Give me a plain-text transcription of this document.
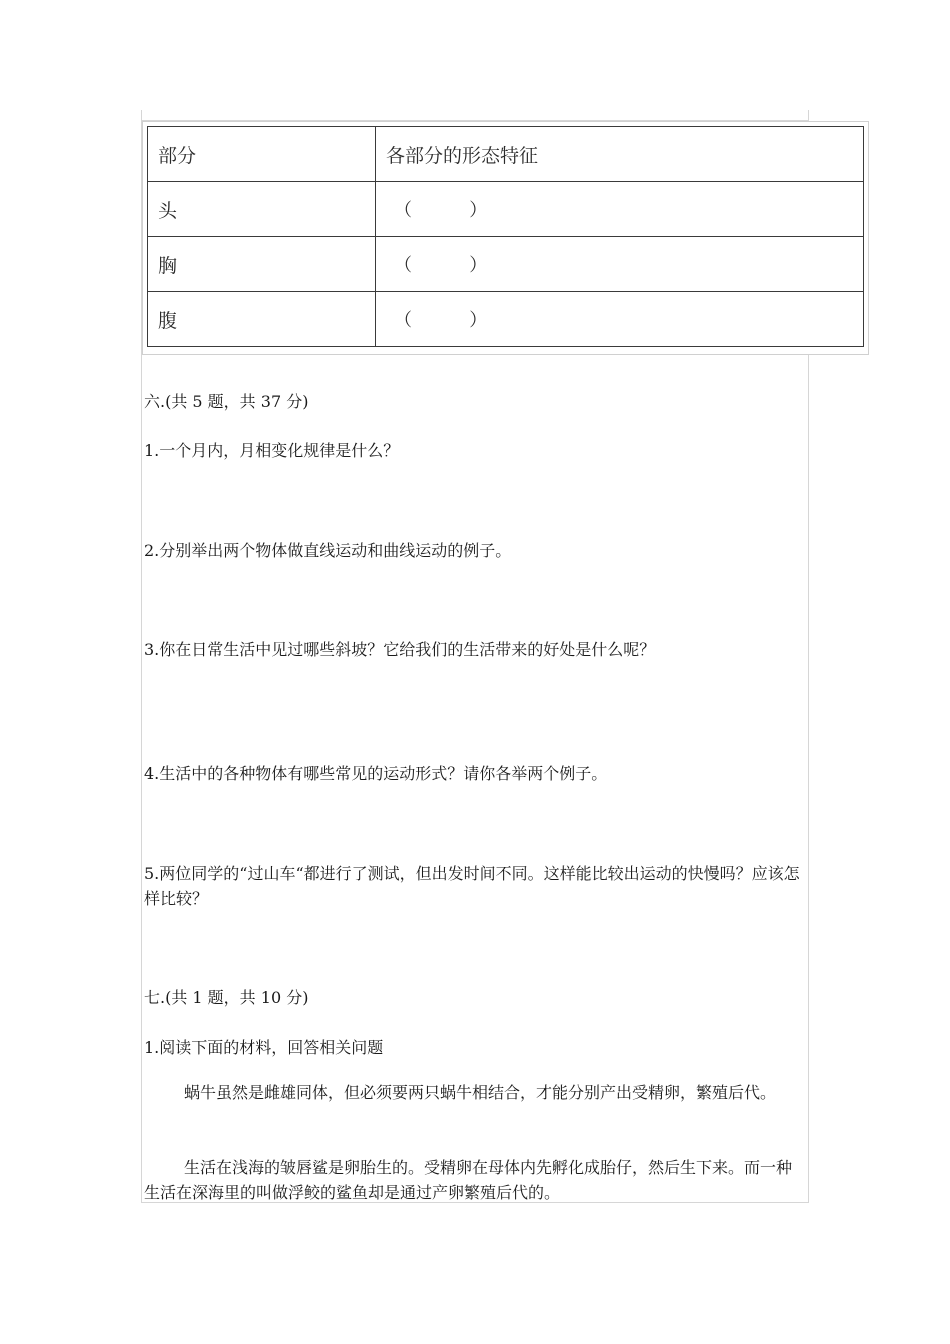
部分	各部分的形态特征
头	（          ）
胸	（          ）
腹	（          ）
六.(共 5 题，共 37 分)
1.一个月内，月相变化规律是什么？
2.分别举出两个物体做直线运动和曲线运动的例子。
3.你在日常生活中见过哪些斜坡？它给我们的生活带来的好处是什么呢？
4.生活中的各种物体有哪些常见的运动形式？请你各举两个例子。
5.两位同学的“过山车“都进行了测试，但出发时间不同。这样能比较出运动的快慢吗？应该怎样比较？
七.(共 1 题，共 10 分)
1.阅读下面的材料，回答相关问题
蜗牛虽然是雌雄同体，但必须要两只蜗牛相结合，才能分别产出受精卵，繁殖后代。
生活在浅海的皱唇鲨是卵胎生的。受精卵在母体内先孵化成胎仔，然后生下来。而一种生活在深海里的叫做浮鲛的鲨鱼却是通过产卵繁殖后代的。
